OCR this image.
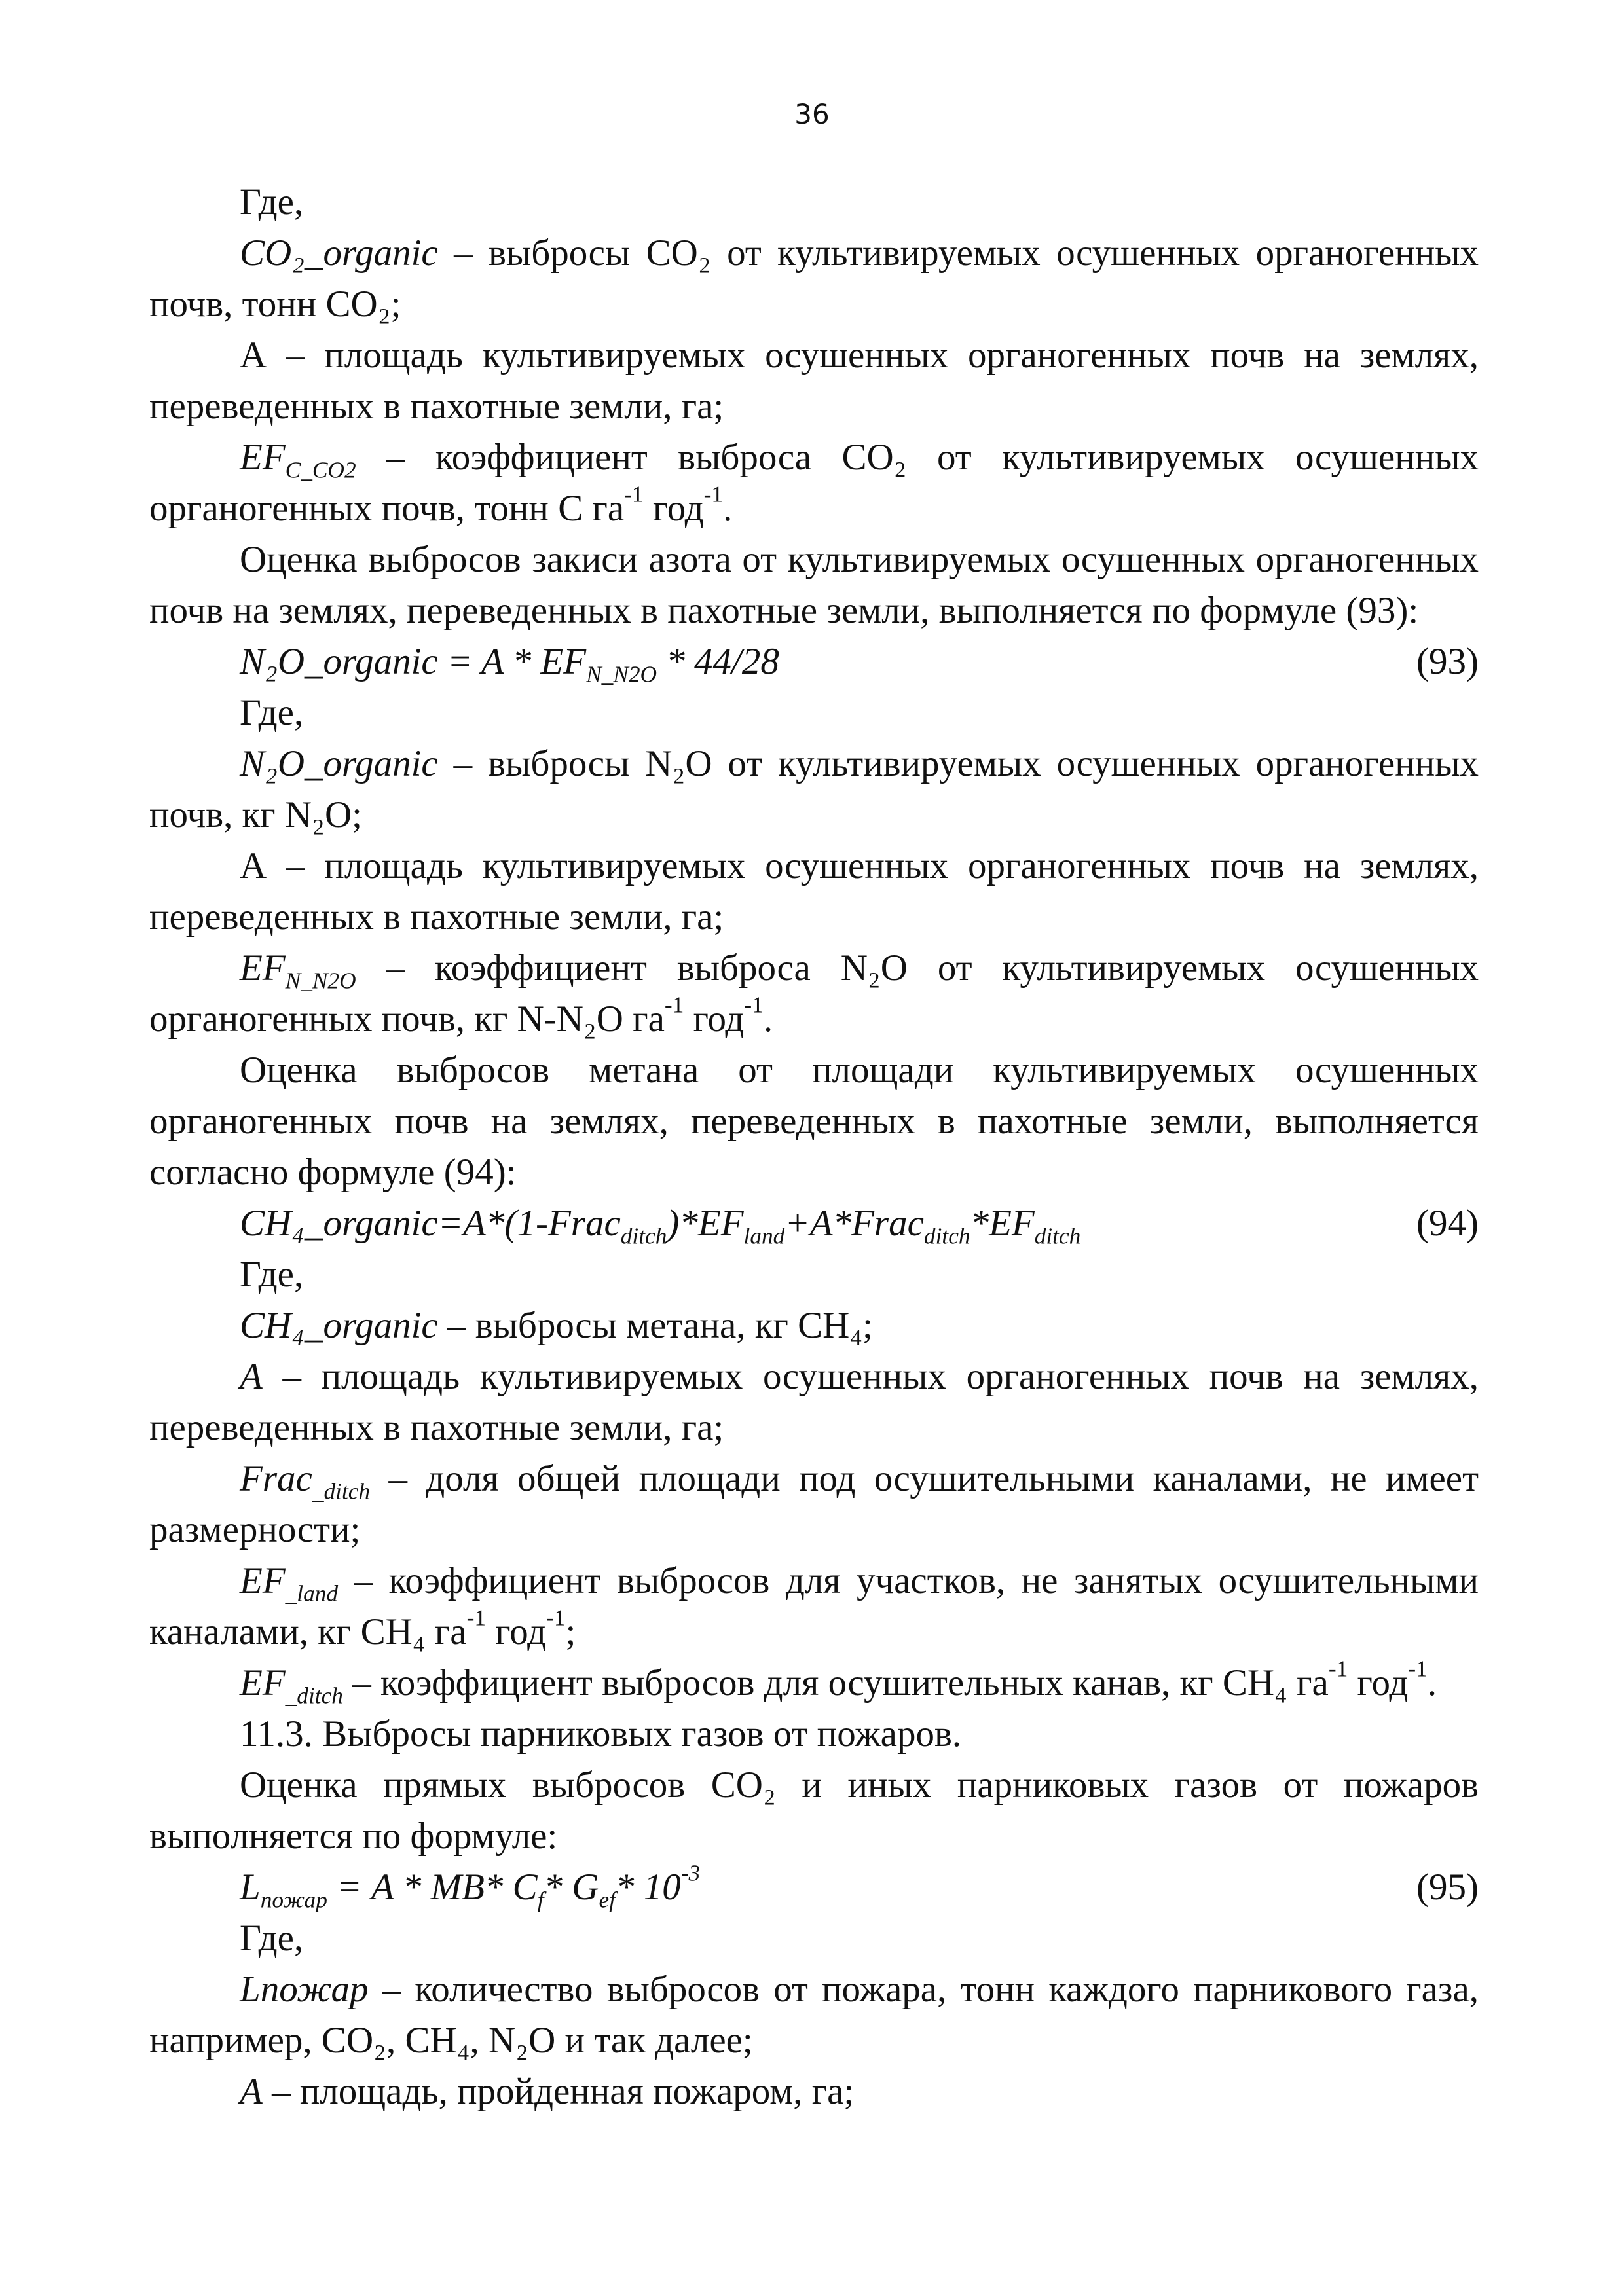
36

Где,

CO₂_organic – выбросы CO₂ от культивируемых осушенных органогенных почв, тонн CO₂;

А – площадь культивируемых осушенных органогенных почв на землях, переведенных в пахотные земли, га;

$EF_{C\_CO2}$ – коэффициент выброса CO₂ от культивируемых осушенных органогенных почв, тонн С $га^{-1}$ год$^{-1}$.

Оценка выбросов закиси азота от культивируемых осушенных органогенных почв на землях, переведенных в пахотные земли, выполняется по формуле (93):

N₂O_organic = A * $EF_{N\_N2O} * 44/28$	(93)

Где,

N₂O_organic – выбросы N₂O от культивируемых осушенных органогенных почв, кг N₂O;

А – площадь культивируемых осушенных органогенных почв на землях, переведенных в пахотные земли, га;

$EF_{N\_N2O}$ – коэффициент выброса N₂O от культивируемых осушенных органогенных почв, кг N-N₂O $га^{-1}$ год$^{-1}$.

Оценка выбросов метана от площади культивируемых осушенных органогенных почв на землях, переведенных в пахотные земли, выполняется согласно формуле (94):

$CH_4\_organic=A*(1-Frac_{ditch})*EF_{land}+A*Frac_{ditch}*EF_{ditch}$	(94)

Где,

CH₄_organic – выбросы метана, кг CH₄;

A – площадь культивируемых осушенных органогенных почв на землях, переведенных в пахотные земли, га;

Frac$_{\_ditch}$ – доля общей площади под осушительными каналами, не имеет размерности;

$EF_{\_land}$ – коэффициент выбросов для участков, не занятых осушительными каналами, кг CH₄ $га^{-1}$ год$^{-1}$;

$EF_{\_ditch}$ – коэффициент выбросов для осушительных канав, кг CH₄ $га^{-1}$ год$^{-1}$.

11.3. Выбросы парниковых газов от пожаров.

Оценка прямых выбросов CO₂ и иных парниковых газов от пожаров выполняется по формуле:

$L_{пожар} = A * MB*$ $C_f*$ $G_{ef}*$ $10^{-3}$	(95)

Где,

Lпожар – количество выбросов от пожара, тонн каждого парникового газа, например, CO₂, CH₄, N₂O и так далее;

A – площадь, пройденная пожаром, га;
